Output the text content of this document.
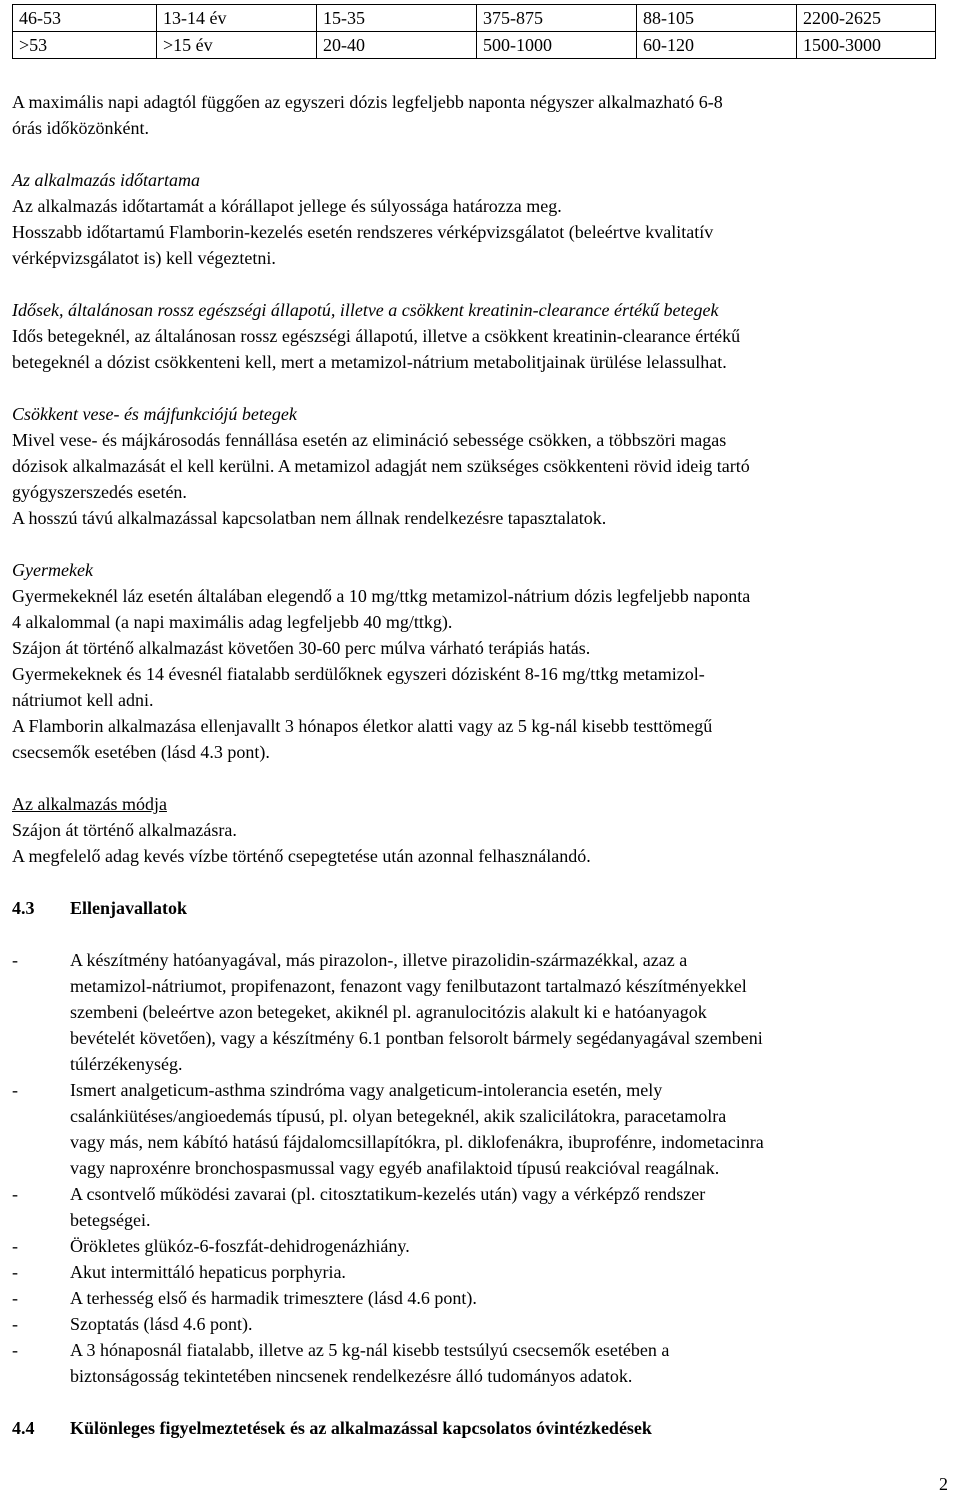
46-53	13-14 év	15-35	375-875	88-105	2200-2625
>53	>15 év	20-40	500-1000	60-120	1500-3000
A maximális napi adagtól függően az egyszeri dózis legfeljebb naponta négyszer alkalmazható 6-8
órás időközönként.
Az alkalmazás időtartama
Az alkalmazás időtartamát a kórállapot jellege és súlyossága határozza meg.
Hosszabb időtartamú Flamborin-kezelés esetén rendszeres vérképvizsgálatot (beleértve kvalitatív
vérképvizsgálatot is) kell végeztetni.
Idősek, általánosan rossz egészségi állapotú, illetve a csökkent kreatinin-clearance értékű betegek
Idős betegeknél, az általánosan rossz egészségi állapotú, illetve a csökkent kreatinin-clearance értékű
betegeknél a dózist csökkenteni kell, mert a metamizol-nátrium metabolitjainak ürülése lelassulhat.
Csökkent vese- és májfunkciójú betegek
Mivel vese- és májkárosodás fennállása esetén az elimináció sebessége csökken, a többszöri magas
dózisok alkalmazását el kell kerülni. A metamizol adagját nem szükséges csökkenteni rövid ideig tartó
gyógyszerszedés esetén.
A hosszú távú alkalmazással kapcsolatban nem állnak rendelkezésre tapasztalatok.
Gyermekek
Gyermekeknél láz esetén általában elegendő a 10 mg/ttkg metamizol-nátrium dózis legfeljebb naponta
4 alkalommal (a napi maximális adag legfeljebb 40 mg/ttkg).
Szájon át történő alkalmazást követően 30-60 perc múlva várható terápiás hatás.
Gyermekeknek és 14 évesnél fiatalabb serdülőknek egyszeri dózisként 8-16 mg/ttkg metamizol-
nátriumot kell adni.
A Flamborin alkalmazása ellenjavallt 3 hónapos életkor alatti vagy az 5 kg-nál kisebb testtömegű
csecsemők esetében (lásd 4.3 pont).
Az alkalmazás módja
Szájon át történő alkalmazásra.
A megfelelő adag kevés vízbe történő csepegtetése után azonnal felhasználandó.
4.3	Ellenjavallatok
-	A készítmény hatóanyagával, más pirazolon-, illetve pirazolidin-származékkal, azaz a
metamizol-nátriumot, propifenazont, fenazont vagy fenilbutazont tartalmazó készítményekkel
szembeni (beleértve azon betegeket, akiknél pl. agranulocitózis alakult ki e hatóanyagok
bevételét követően), vagy a készítmény 6.1 pontban felsorolt bármely segédanyagával szembeni
túlérzékenység.
-	Ismert analgeticum-asthma szindróma vagy analgeticum-intolerancia esetén, mely
csalánkiütéses/angioedemás típusú, pl. olyan betegeknél, akik szalicilátokra, paracetamolra
vagy más, nem kábító hatású fájdalomcsillapítókra, pl. diklofenákra, ibuprofénre, indometacinra
vagy naproxénre bronchospasmussal vagy egyéb anafilaktoid típusú reakcióval reagálnak.
-	A csontvelő működési zavarai (pl. citosztatikum-kezelés után) vagy a vérképző rendszer
betegségei.
-	Örökletes glükóz-6-foszfát-dehidrogenázhiány.
-	Akut intermittáló hepaticus porphyria.
-	A terhesség első és harmadik trimesztere (lásd 4.6 pont).
-	Szoptatás (lásd 4.6 pont).
-	A 3 hónaposnál fiatalabb, illetve az 5 kg-nál kisebb testsúlyú csecsemők esetében a
biztonságosság tekintetében nincsenek rendelkezésre álló tudományos adatok.
4.4	Különleges figyelmeztetések és az alkalmazással kapcsolatos óvintézkedések
2
